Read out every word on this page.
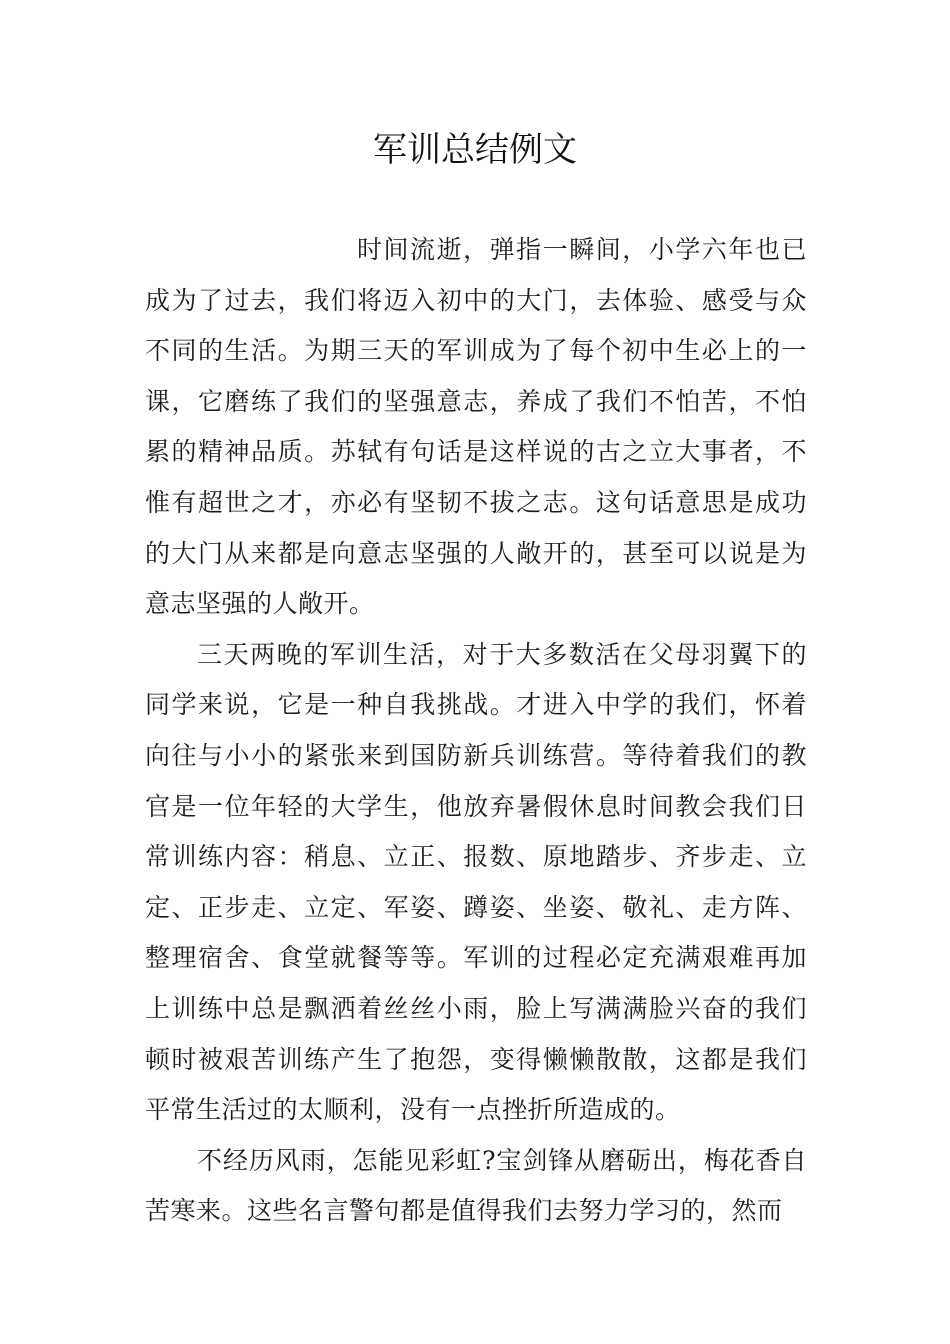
军训总结例文

时间流逝，弹指一瞬间，小学六年也已成为了过去，我们将迈入初中的大门，去体验、感受与众不同的生活。为期三天的军训成为了每个初中生必上的一课，它磨练了我们的坚强意志，养成了我们不怕苦，不怕累的精神品质。苏轼有句话是这样说的古之立大事者，不惟有超世之才，亦必有坚韧不拔之志。这句话意思是成功的大门从来都是向意志坚强的人敞开的，甚至可以说是为意志坚强的人敞开。

三天两晚的军训生活，对于大多数活在父母羽翼下的同学来说，它是一种自我挑战。才进入中学的我们，怀着向往与小小的紧张来到国防新兵训练营。等待着我们的教官是一位年轻的大学生，他放弃暑假休息时间教会我们日常训练内容：稍息、立正、报数、原地踏步、齐步走、立定、正步走、立定、军姿、蹲姿、坐姿、敬礼、走方阵、整理宿舍、食堂就餐等等。军训的过程必定充满艰难再加上训练中总是飘洒着丝丝小雨，脸上写满满脸兴奋的我们顿时被艰苦训练产生了抱怨，变得懒懒散散，这都是我们平常生活过的太顺利，没有一点挫折所造成的。

不经历风雨，怎能见彩虹?宝剑锋从磨砺出，梅花香自苦寒来。这些名言警句都是值得我们去努力学习的，然而
